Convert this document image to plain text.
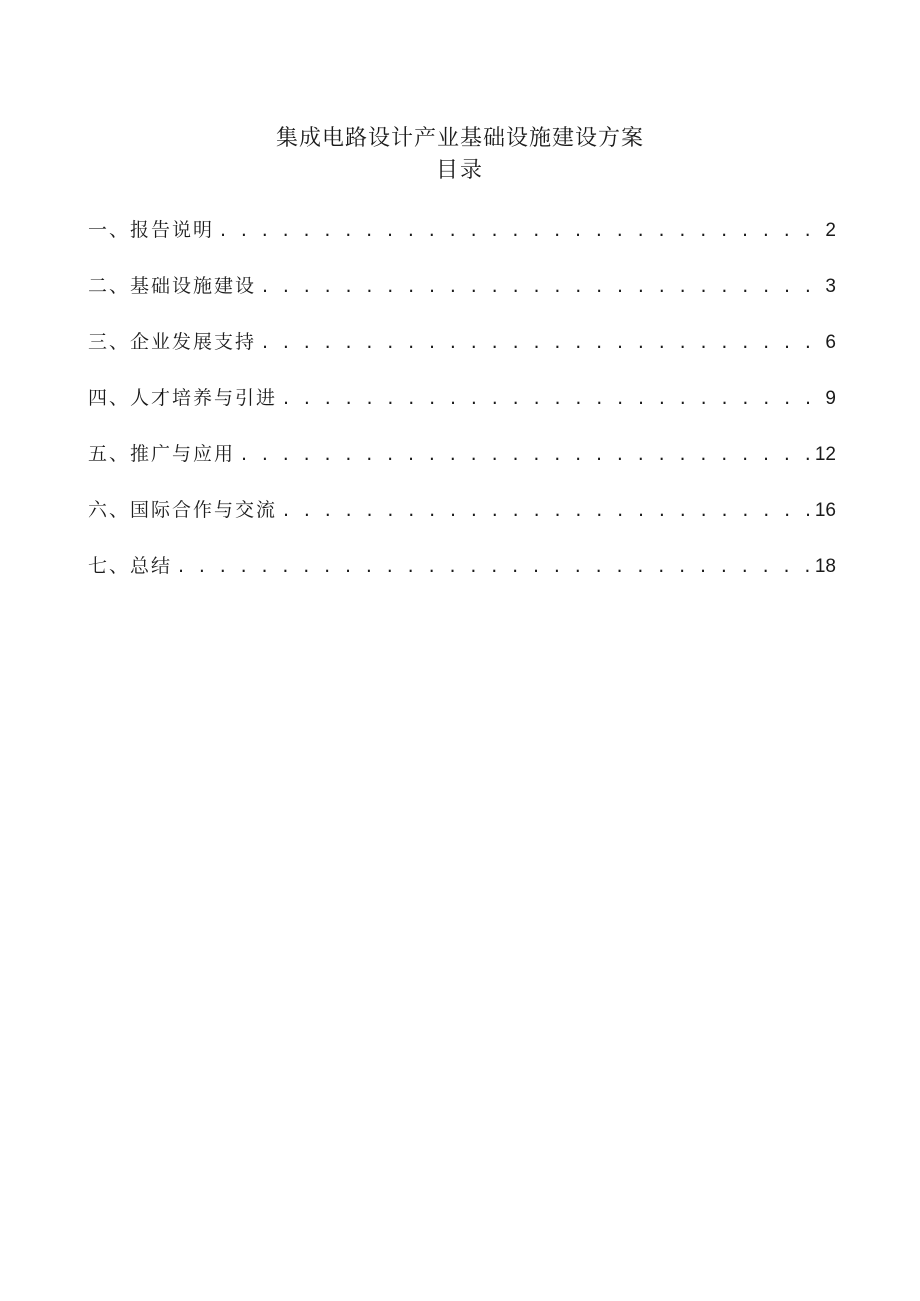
集成电路设计产业基础设施建设方案
目录
一、报告说明 . . .	2
二、基础设施建设 . . .	3
三、企业发展支持 . . .	6
四、人才培养与引进 . . .	9
五、推广与应用 . . .	12
六、国际合作与交流 . . .	16
七、总结 . . .	18
